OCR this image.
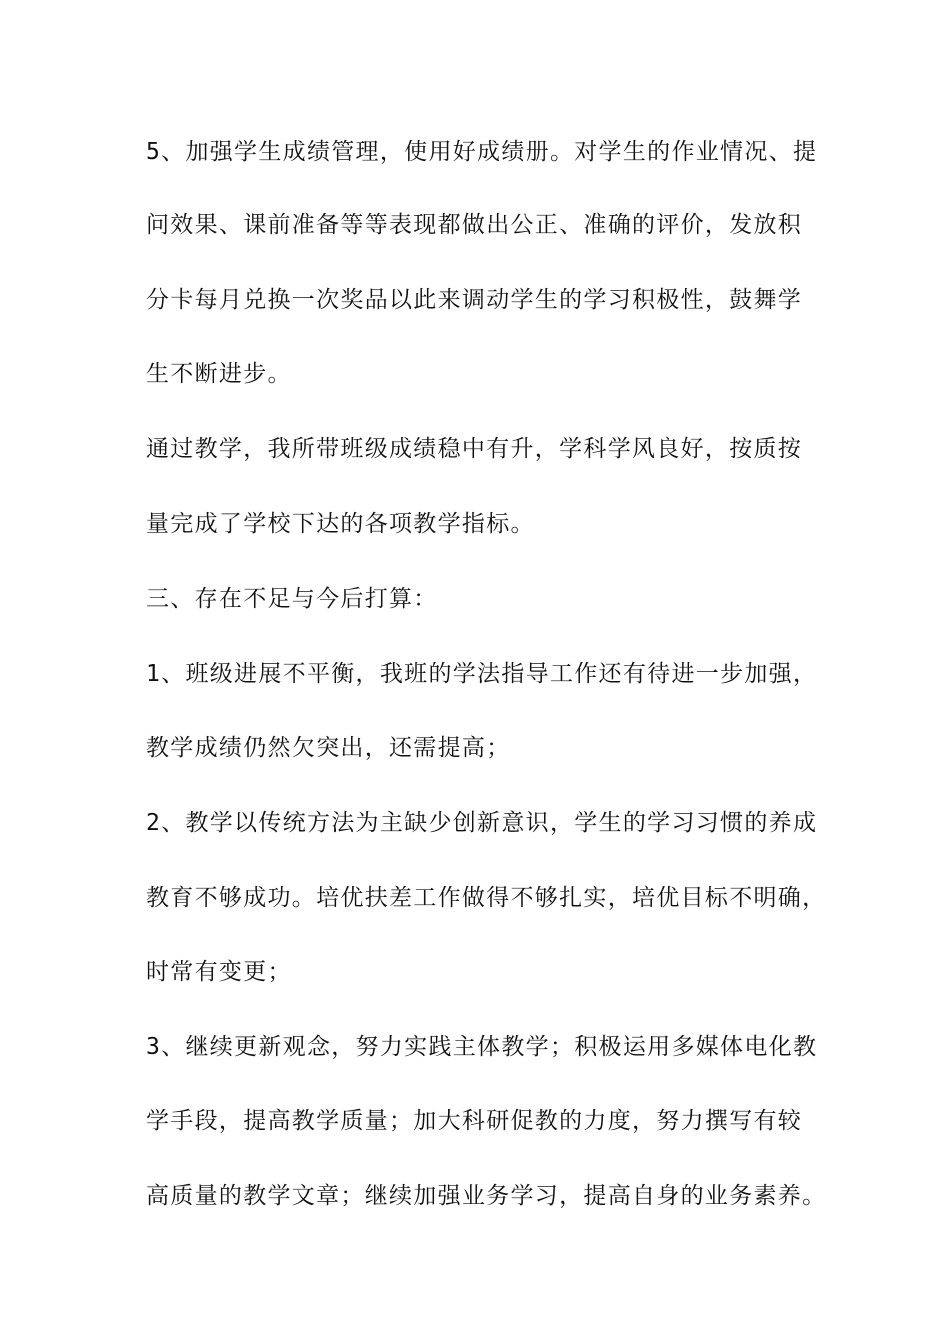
5、加强学生成绩管理，使用好成绩册。对学生的作业情况、提
问效果、课前准备等等表现都做出公正、准确的评价，发放积
分卡每月兑换一次奖品以此来调动学生的学习积极性，鼓舞学
生不断进步。
通过教学，我所带班级成绩稳中有升，学科学风良好，按质按
量完成了学校下达的各项教学指标。
三、存在不足与今后打算：
1、班级进展不平衡，我班的学法指导工作还有待进一步加强，
教学成绩仍然欠突出，还需提高；
2、教学以传统方法为主缺少创新意识，学生的学习习惯的养成
教育不够成功。培优扶差工作做得不够扎实，培优目标不明确，
时常有变更；
3、继续更新观念，努力实践主体教学；积极运用多媒体电化教
学手段，提高教学质量；加大科研促教的力度，努力撰写有较
高质量的教学文章；继续加强业务学习，提高自身的业务素养。
